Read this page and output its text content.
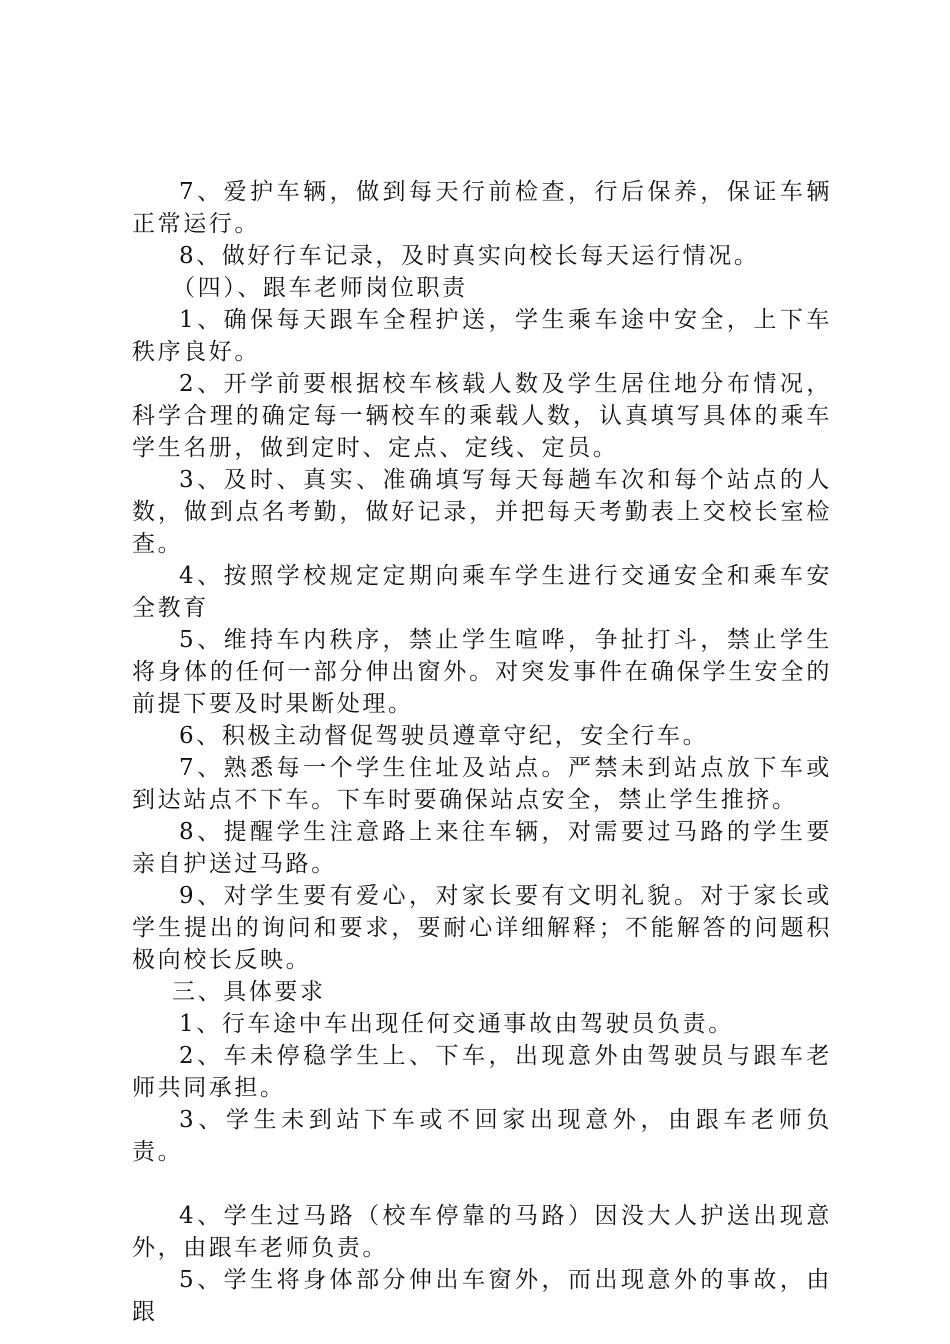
7、爱护车辆，做到每天行前检查，行后保养，保证车辆正常运行。

8、做好行车记录，及时真实向校长每天运行情况。

（四）、跟车老师岗位职责

1、确保每天跟车全程护送，学生乘车途中安全，上下车秩序良好。

2、开学前要根据校车核载人数及学生居住地分布情况，科学合理的确定每一辆校车的乘载人数，认真填写具体的乘车学生名册，做到定时、定点、定线、定员。

3、及时、真实、准确填写每天每趟车次和每个站点的人数，做到点名考勤，做好记录，并把每天考勤表上交校长室检查。

4、按照学校规定定期向乘车学生进行交通安全和乘车安全教育

5、维持车内秩序，禁止学生喧哗，争扯打斗，禁止学生将身体的任何一部分伸出窗外。对突发事件在确保学生安全的前提下要及时果断处理。

6、积极主动督促驾驶员遵章守纪，安全行车。

7、熟悉每一个学生住址及站点。严禁未到站点放下车或到达站点不下车。下车时要确保站点安全，禁止学生推挤。

8、提醒学生注意路上来往车辆，对需要过马路的学生要亲自护送过马路。

9、对学生要有爱心，对家长要有文明礼貌。对于家长或学生提出的询问和要求，要耐心详细解释；不能解答的问题积极向校长反映。

三、具体要求

1、行车途中车出现任何交通事故由驾驶员负责。

2、车未停稳学生上、下车，出现意外由驾驶员与跟车老师共同承担。

3、学生未到站下车或不回家出现意外，由跟车老师负责。

4、学生过马路（校车停靠的马路）因没大人护送出现意外，由跟车老师负责。

5、学生将身体部分伸出车窗外，而出现意外的事故，由跟
